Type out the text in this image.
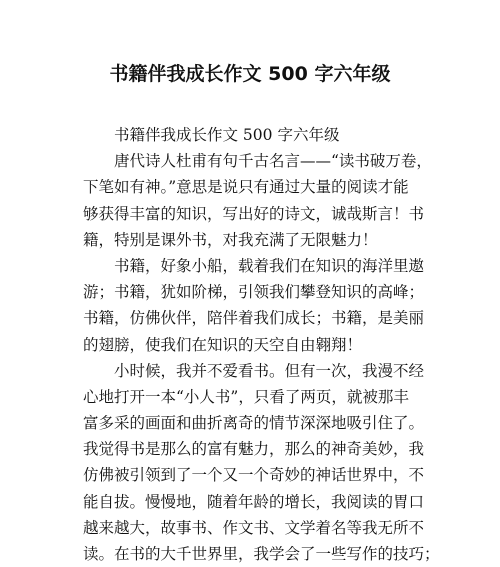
书籍伴我成长作文 500 字六年级
书籍伴我成长作文 500 字六年级
唐代诗人杜甫有句千古名言——“读书破万卷，
下笔如有神。”意思是说只有通过大量的阅读才能
够获得丰富的知识，写出好的诗文，诚哉斯言！书
籍，特别是课外书，对我充满了无限魅力！
书籍，好象小船，载着我们在知识的海洋里遨
游；书籍，犹如阶梯，引领我们攀登知识的高峰；
书籍，仿佛伙伴，陪伴着我们成长；书籍，是美丽
的翅膀，使我们在知识的天空自由翱翔！
小时候，我并不爱看书。但有一次，我漫不经
心地打开一本“小人书”，只看了两页，就被那丰
富多采的画面和曲折离奇的情节深深地吸引住了。
我觉得书是那么的富有魅力，那么的神奇美妙，我
仿佛被引领到了一个又一个奇妙的神话世界中，不
能自拔。慢慢地，随着年龄的增长，我阅读的胃口
越来越大，故事书、作文书、文学着名等我无所不
读。在书的大千世界里，我学会了一些写作的技巧；
